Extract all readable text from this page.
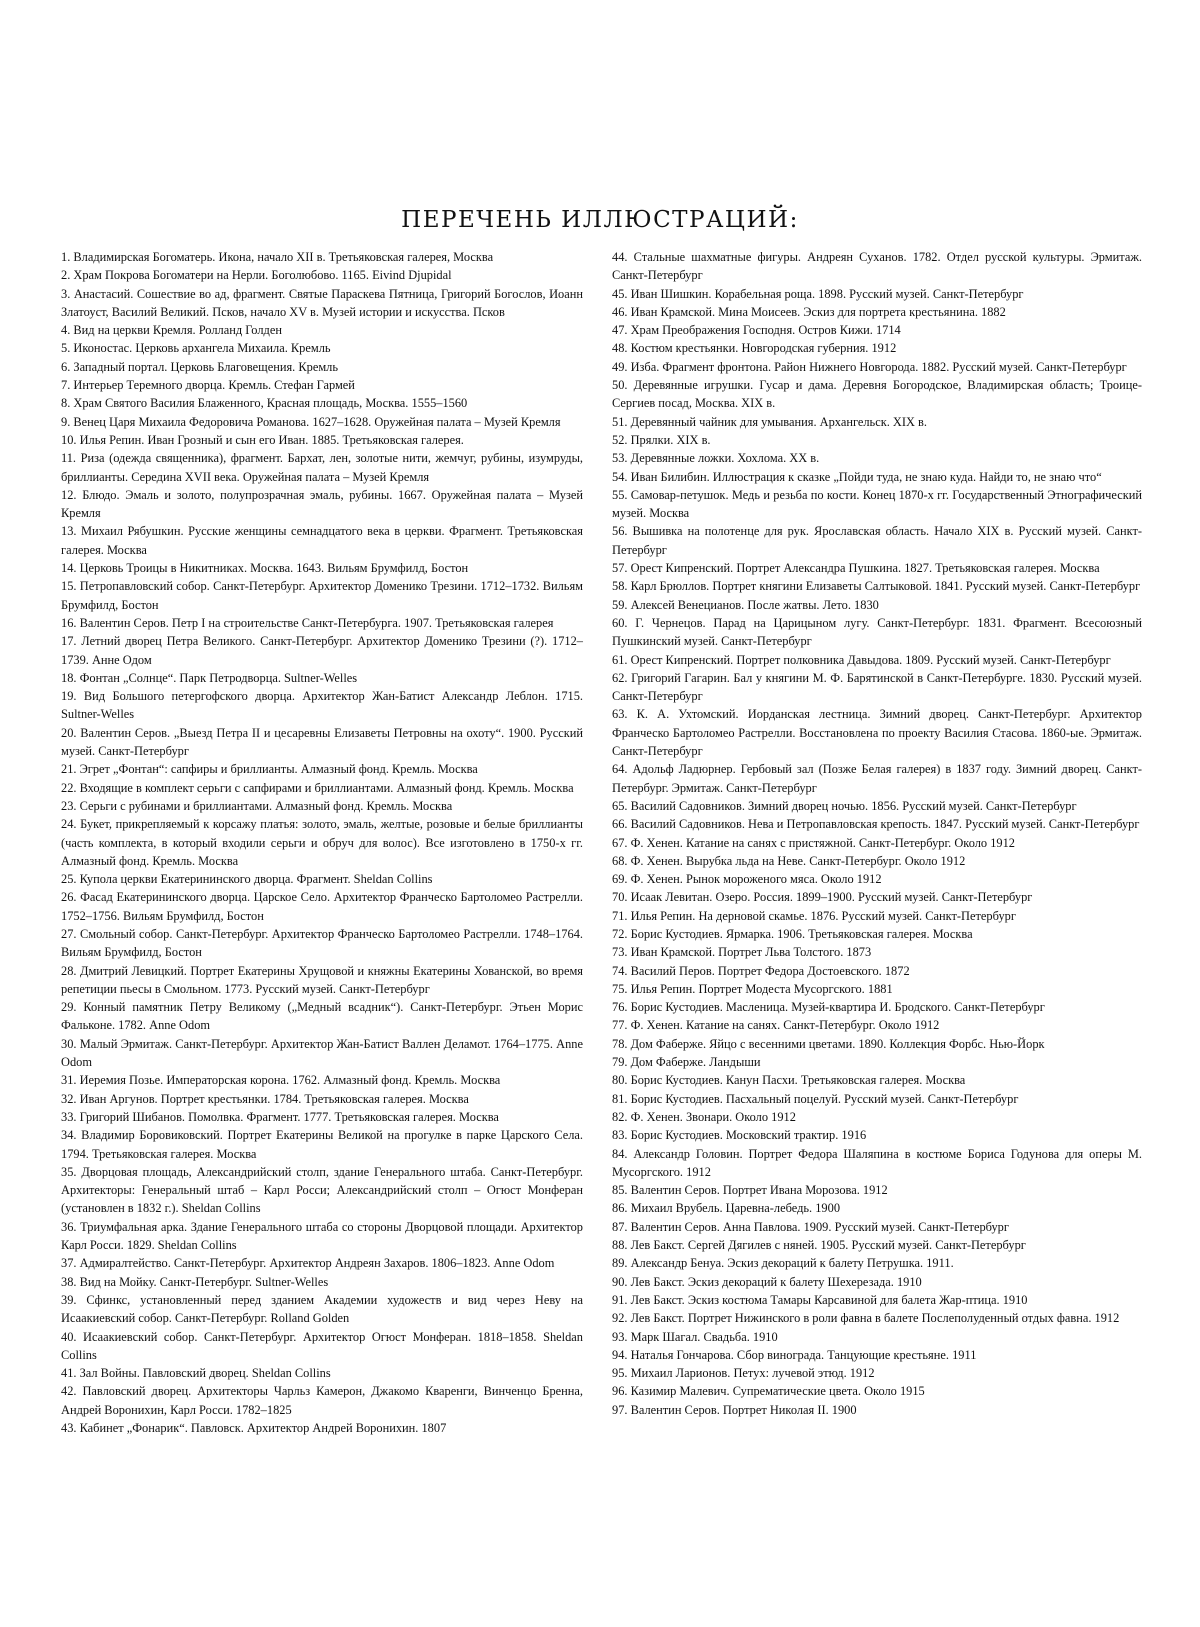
ПЕРЕЧЕНЬ ИЛЛЮСТРАЦИЙ:

1. Владимирская Богоматерь. Икона, начало XII в. Третьяковская галерея, Москва

2. Храм Покрова Богоматери на Нерли. Боголюбово. 1165. Eivind Djupidal

3. Анастасий. Сошествие во ад, фрагмент. Святые Параскева Пятница, Григорий Богослов, Иоанн Златоуст, Василий Великий. Псков, начало XV в. Музей истории и искусства. Псков

4. Вид на церкви Кремля. Ролланд Голден

5. Иконостас. Церковь архангела Михаила. Кремль

6. Западный портал. Церковь Благовещения. Кремль

7. Интерьер Теремного дворца. Кремль. Стефан Гармей

8. Храм Святого Василия Блаженного, Красная площадь, Москва. 1555–1560

9. Венец Царя Михаила Федоровича Романова. 1627–1628. Оружейная палата – Музей Кремля

10. Илья Репин. Иван Грозный и сын его Иван. 1885. Третьяковская галерея.

11. Риза (одежда священника), фрагмент. Бархат, лен, золотые нити, жемчуг, рубины, изумруды, бриллианты. Середина XVII века. Оружейная палата – Музей Кремля

12. Блюдо. Эмаль и золото, полупрозрачная эмаль, рубины. 1667. Оружейная палата – Музей Кремля

13. Михаил Рябушкин. Русские женщины семнадцатого века в церкви. Фрагмент. Третьяковская галерея. Москва

14. Церковь Троицы в Никитниках. Москва. 1643. Вильям Брумфилд, Бостон

15. Петропавловский собор. Санкт-Петербург. Архитектор Доменико Трезини. 1712–1732. Вильям Брумфилд, Бостон

16. Валентин Серов. Петр I на строительстве Санкт-Петербурга. 1907. Третьяковская галерея

17. Летний дворец Петра Великого. Санкт-Петербург. Архитектор Доменико Трезини (?). 1712–1739. Анне Одом

18. Фонтан „Солнце“. Парк Петродворца. Sultner-Welles

19. Вид Большого петергофского дворца. Архитектор Жан-Батист Александр Леблон. 1715. Sultner-Welles

20. Валентин Серов. „Выезд Петра II и цесаревны Елизаветы Петровны на охоту“. 1900. Русский музей. Санкт-Петербург

21. Эгрет „Фонтан“: сапфиры и бриллианты. Алмазный фонд. Кремль. Москва

22. Входящие в комплект серьги с сапфирами и бриллиантами. Алмазный фонд. Кремль. Москва

23. Серьги с рубинами и бриллиантами. Алмазный фонд. Кремль. Москва

24. Букет, прикрепляемый к корсажу платья: золото, эмаль, желтые, розовые и белые бриллианты (часть комплекта, в который входили серьги и обруч для волос). Все изготовлено в 1750-х гг. Алмазный фонд. Кремль. Москва

25. Купола церкви Екатерининского дворца. Фрагмент. Sheldan Collins

26. Фасад Екатерининского дворца. Царское Село. Архитектор Франческо Бартоломео Растрелли. 1752–1756. Вильям Брумфилд, Бостон

27. Смольный собор. Санкт-Петербург. Архитектор Франческо Бартоломео Растрелли. 1748–1764. Вильям Брумфилд, Бостон

28. Дмитрий Левицкий. Портрет Екатерины Хрущовой и княжны Екатерины Хованской, во время репетиции пьесы в Смольном. 1773. Русский музей. Санкт-Петербург

29. Конный памятник Петру Великому („Медный всадник“). Санкт-Петербург. Этьен Морис Фальконе. 1782. Anne Odom

30. Малый Эрмитаж. Санкт-Петербург. Архитектор Жан-Батист Валлен Деламот. 1764–1775. Anne Odom

31. Иеремия Позье. Императорская корона. 1762. Алмазный фонд. Кремль. Москва

32. Иван Аргунов. Портрет крестьянки. 1784. Третьяковская галерея. Москва

33. Григорий Шибанов. Помолвка. Фрагмент. 1777. Третьяковская галерея. Москва

34. Владимир Боровиковский. Портрет Екатерины Великой на прогулке в парке Царского Села. 1794. Третьяковская галерея. Москва

35. Дворцовая площадь, Александрийский столп, здание Генерального штаба. Санкт-Петербург. Архитекторы: Генеральный штаб – Карл Росси; Александрийский столп – Огюст Монферан (установлен в 1832 г.). Sheldan Collins

36. Триумфальная арка. Здание Генерального штаба со стороны Дворцовой площади. Архитектор Карл Росси. 1829. Sheldan Collins

37. Адмиралтейство. Санкт-Петербург. Архитектор Андреян Захаров. 1806–1823. Anne Odom

38. Вид на Мойку. Санкт-Петербург. Sultner-Welles

39. Сфинкс, установленный перед зданием Академии художеств и вид через Неву на Исаакиевский собор. Санкт-Петербург. Rolland Golden

40. Исаакиевский собор. Санкт-Петербург. Архитектор Огюст Монферан. 1818–1858. Sheldan Collins

41. Зал Войны. Павловский дворец. Sheldan Collins

42. Павловский дворец. Архитекторы Чарльз Камерон, Джакомо Кваренги, Винченцо Бренна, Андрей Воронихин, Карл Росси. 1782–1825

43. Кабинет „Фонарик“. Павловск. Архитектор Андрей Воронихин. 1807

44. Стальные шахматные фигуры. Андреян Суханов. 1782. Отдел русской культуры. Эрмитаж. Санкт-Петербург

45. Иван Шишкин. Корабельная роща. 1898. Русский музей. Санкт-Петербург

46. Иван Крамской. Мина Моисеев. Эскиз для портрета крестьянина. 1882

47. Храм Преображения Господня. Остров Кижи. 1714

48. Костюм крестьянки. Новгородская губерния. 1912

49. Изба. Фрагмент фронтона. Район Нижнего Новгорода. 1882. Русский музей. Санкт-Петербург

50. Деревянные игрушки. Гусар и дама. Деревня Богородское, Владимирская область; Троице-Сергиев посад, Москва. XIX в.

51. Деревянный чайник для умывания. Архангельск. XIX в.

52. Прялки. XIX в.

53. Деревянные ложки. Хохлома. XX в.

54. Иван Билибин. Иллюстрация к сказке „Пойди туда, не знаю куда. Найди то, не знаю что“

55. Самовар-петушок. Медь и резьба по кости. Конец 1870-х гг. Государственный Этнографический музей. Москва

56. Вышивка на полотенце для рук. Ярославская область. Начало XIX в. Русский музей. Санкт-Петербург

57. Орест Кипренский. Портрет Александра Пушкина. 1827. Третьяковская галерея. Москва

58. Карл Брюллов. Портрет княгини Елизаветы Салтыковой. 1841. Русский музей. Санкт-Петербург

59. Алексей Венецианов. После жатвы. Лето. 1830

60. Г. Чернецов. Парад на Царицыном лугу. Санкт-Петербург. 1831. Фрагмент. Всесоюзный Пушкинский музей. Санкт-Петербург

61. Орест Кипренский. Портрет полковника Давыдова. 1809. Русский музей. Санкт-Петербург

62. Григорий Гагарин. Бал у княгини М. Ф. Барятинской в Санкт-Петербурге. 1830. Русский музей. Санкт-Петербург

63. К. А. Ухтомский. Иорданская лестница. Зимний дворец. Санкт-Петербург. Архитектор Франческо Бартоломео Растрелли. Восстановлена по проекту Василия Стасова. 1860-ые. Эрмитаж. Санкт-Петербург

64. Адольф Ладюрнер. Гербовый зал (Позже Белая галерея) в 1837 году. Зимний дворец. Санкт-Петербург. Эрмитаж. Санкт-Петербург

65. Василий Садовников. Зимний дворец ночью. 1856. Русский музей. Санкт-Петербург

66. Василий Садовников. Нева и Петропавловская крепость. 1847. Русский музей. Санкт-Петербург

67. Ф. Хенен. Катание на санях с пристяжной. Санкт-Петербург. Около 1912

68. Ф. Хенен. Вырубка льда на Неве. Санкт-Петербург. Около 1912

69. Ф. Хенен. Рынок мороженого мяса. Около 1912

70. Исаак Левитан. Озеро. Россия. 1899–1900. Русский музей. Санкт-Петербург

71. Илья Репин. На дерновой скамье. 1876. Русский музей. Санкт-Петербург

72. Борис Кустодиев. Ярмарка. 1906. Третьяковская галерея. Москва

73. Иван Крамской. Портрет Льва Толстого. 1873

74. Василий Перов. Портрет Федора Достоевского. 1872

75. Илья Репин. Портрет Модеста Мусоргского. 1881

76. Борис Кустодиев. Масленица. Музей-квартира И. Бродского. Санкт-Петербург

77. Ф. Хенен. Катание на санях. Санкт-Петербург. Около 1912

78. Дом Фаберже. Яйцо с весенними цветами. 1890. Коллекция Форбс. Нью-Йорк

79. Дом Фаберже. Ландыши

80. Борис Кустодиев. Канун Пасхи. Третьяковская галерея. Москва

81. Борис Кустодиев. Пасхальный поцелуй. Русский музей. Санкт-Петербург

82. Ф. Хенен. Звонари. Около 1912

83. Борис Кустодиев. Московский трактир. 1916

84. Александр Головин. Портрет Федора Шаляпина в костюме Бориса Годунова для оперы М. Мусоргского. 1912

85. Валентин Серов. Портрет Ивана Морозова. 1912

86. Михаил Врубель. Царевна-лебедь. 1900

87. Валентин Серов. Анна Павлова. 1909. Русский музей. Санкт-Петербург

88. Лев Бакст. Сергей Дягилев с няней. 1905. Русский музей. Санкт-Петербург

89. Александр Бенуа. Эскиз декораций к балету Петрушка. 1911.

90. Лев Бакст. Эскиз декораций к балету Шехерезада. 1910

91. Лев Бакст. Эскиз костюма Тамары Карсавиной для балета Жар-птица. 1910

92. Лев Бакст. Портрет Нижинского в роли фавна в балете Послеполуденный отдых фавна. 1912

93. Марк Шагал. Свадьба. 1910

94. Наталья Гончарова. Сбор винограда. Танцующие крестьяне. 1911

95. Михаил Ларионов. Петух: лучевой этюд. 1912

96. Казимир Малевич. Супрематические цвета. Около 1915

97. Валентин Серов. Портрет Николая II. 1900
